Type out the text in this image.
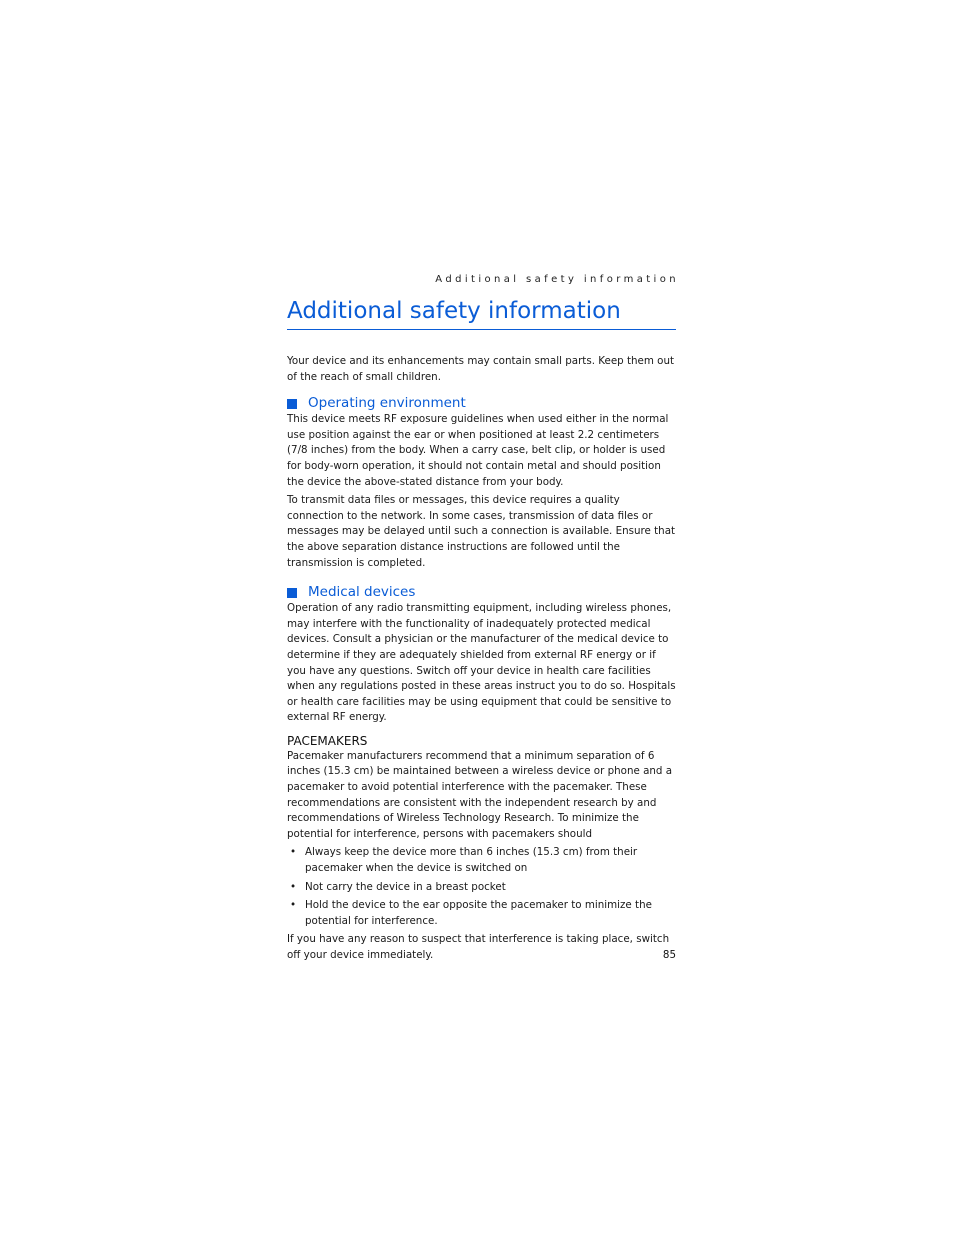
Additional safety information
Additional safety information

Your device and its enhancements may contain small parts. Keep them out of the reach of small children.

Operating environment

This device meets RF exposure guidelines when used either in the normal use position against the ear or when positioned at least 2.2 centimeters (7/8 inches) from the body. When a carry case, belt clip, or holder is used for body-worn operation, it should not contain metal and should position the device the above-stated distance from your body.

To transmit data files or messages, this device requires a quality connection to the network. In some cases, transmission of data files or messages may be delayed until such a connection is available. Ensure that the above separation distance instructions are followed until the transmission is completed.

Medical devices

Operation of any radio transmitting equipment, including wireless phones, may interfere with the functionality of inadequately protected medical devices. Consult a physician or the manufacturer of the medical device to determine if they are adequately shielded from external RF energy or if you have any questions. Switch off your device in health care facilities when any regulations posted in these areas instruct you to do so. Hospitals or health care facilities may be using equipment that could be sensitive to external RF energy.

PACEMAKERS

Pacemaker manufacturers recommend that a minimum separation of 6 inches (15.3 cm) be maintained between a wireless device or phone and a pacemaker to avoid potential interference with the pacemaker. These recommendations are consistent with the independent research by and recommendations of Wireless Technology Research. To minimize the potential for interference, persons with pacemakers should

• Always keep the device more than 6 inches (15.3 cm) from their pacemaker when the device is switched on
• Not carry the device in a breast pocket
• Hold the device to the ear opposite the pacemaker to minimize the potential for interference.

If you have any reason to suspect that interference is taking place, switch off your device immediately.	85
